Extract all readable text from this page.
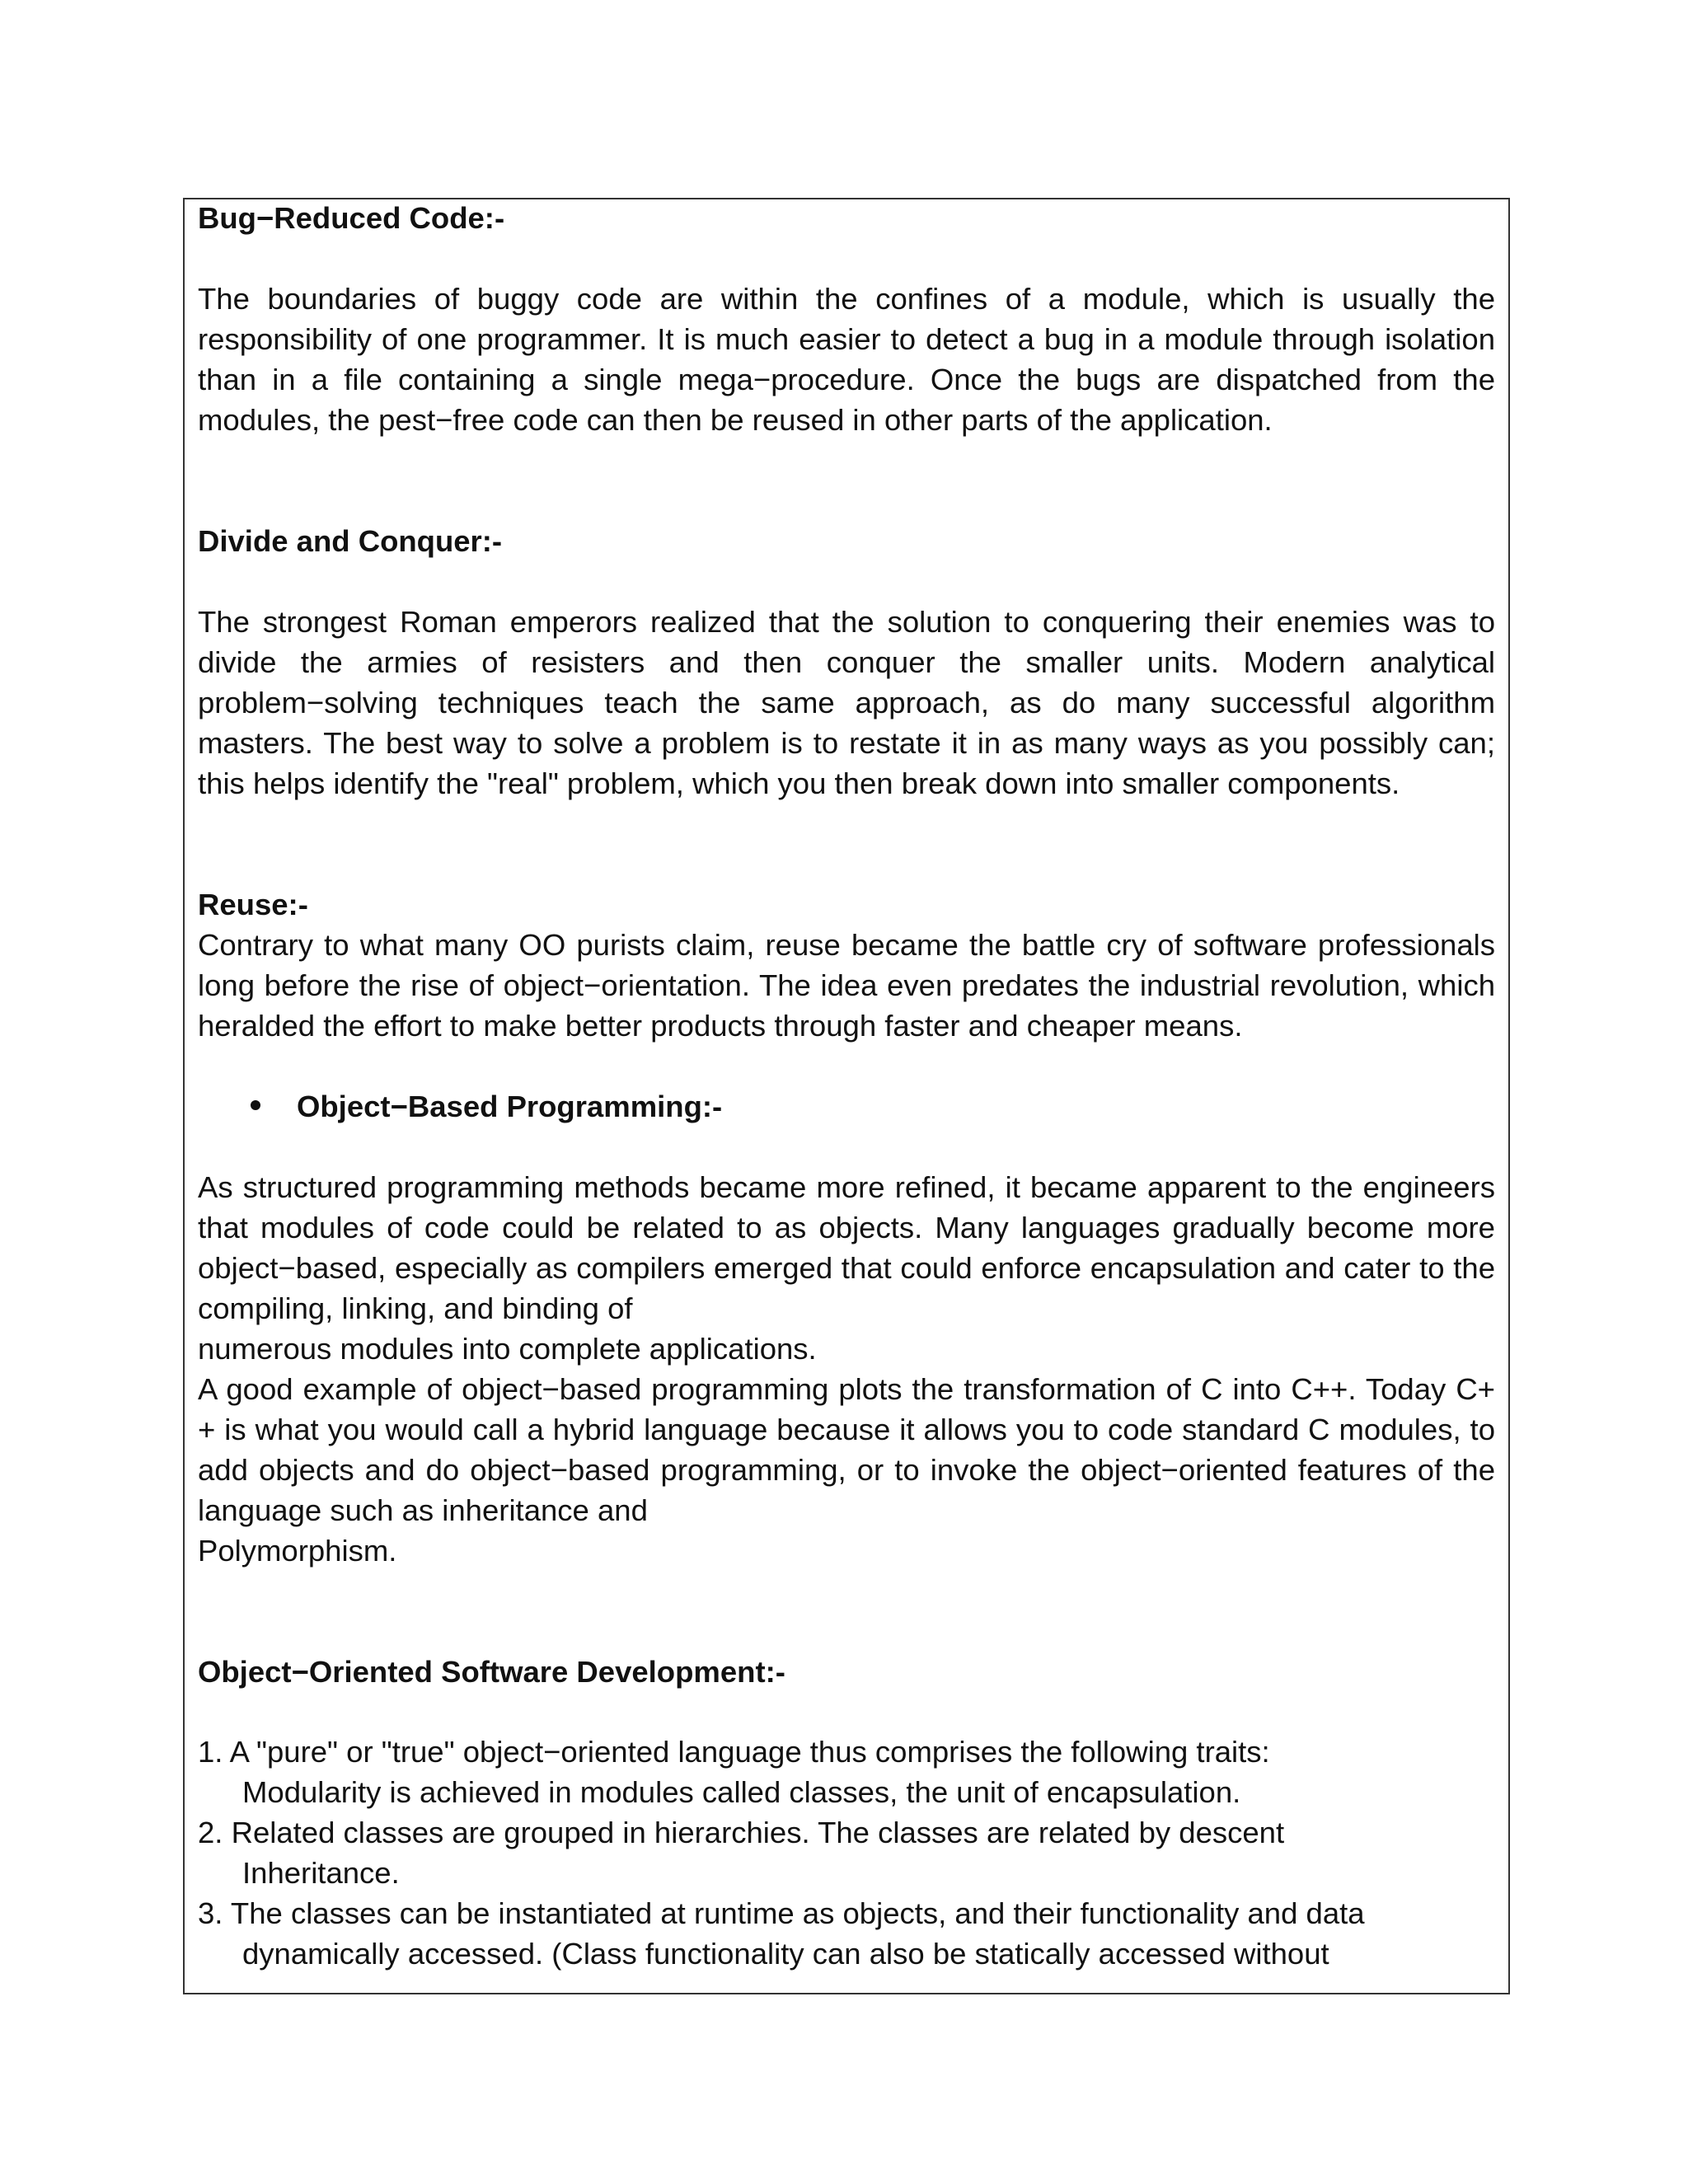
Bug−Reduced Code:-

The boundaries of buggy code are within the confines of a module, which is usually the responsibility of one programmer. It is much easier to detect a bug in a module through isolation than in a file containing a single mega−procedure. Once the bugs are dispatched from the modules, the pest−free code can then be reused in other parts of the application.

Divide and Conquer:-

The strongest Roman emperors realized that the solution to conquering their enemies was to divide the armies of resisters and then conquer the smaller units. Modern analytical problem−solving techniques teach the same approach, as do many successful algorithm masters. The best way to solve a problem is to restate it in as many ways as you possibly can; this helps identify the "real" problem, which you then break down into smaller components.

Reuse:-

Contrary to what many OO purists claim, reuse became the battle cry of software professionals long before the rise of object−orientation. The idea even predates the industrial revolution, which heralded the effort to make better products through faster and cheaper means.

Object−Based Programming:-

As structured programming methods became more refined, it became apparent to the engineers that modules of code could be related to as objects. Many languages gradually become more object−based, especially as compilers emerged that could enforce encapsulation and cater to the compiling, linking, and binding of

numerous modules into complete applications.

A good example of object−based programming plots the transformation of C into C++. Today C+ + is what you would call a hybrid language because it allows you to code standard C modules, to add objects and do object−based programming, or to invoke the object−oriented features of the language such as inheritance and

Polymorphism.

Object−Oriented Software Development:-

1. A "pure" or "true" object−oriented language thus comprises the following traits:
Modularity is achieved in modules called classes, the unit of encapsulation.
2. Related classes are grouped in hierarchies. The classes are related by descent
Inheritance.
3. The classes can be instantiated at runtime as objects, and their functionality and data
dynamically accessed. (Class functionality can also be statically accessed without
